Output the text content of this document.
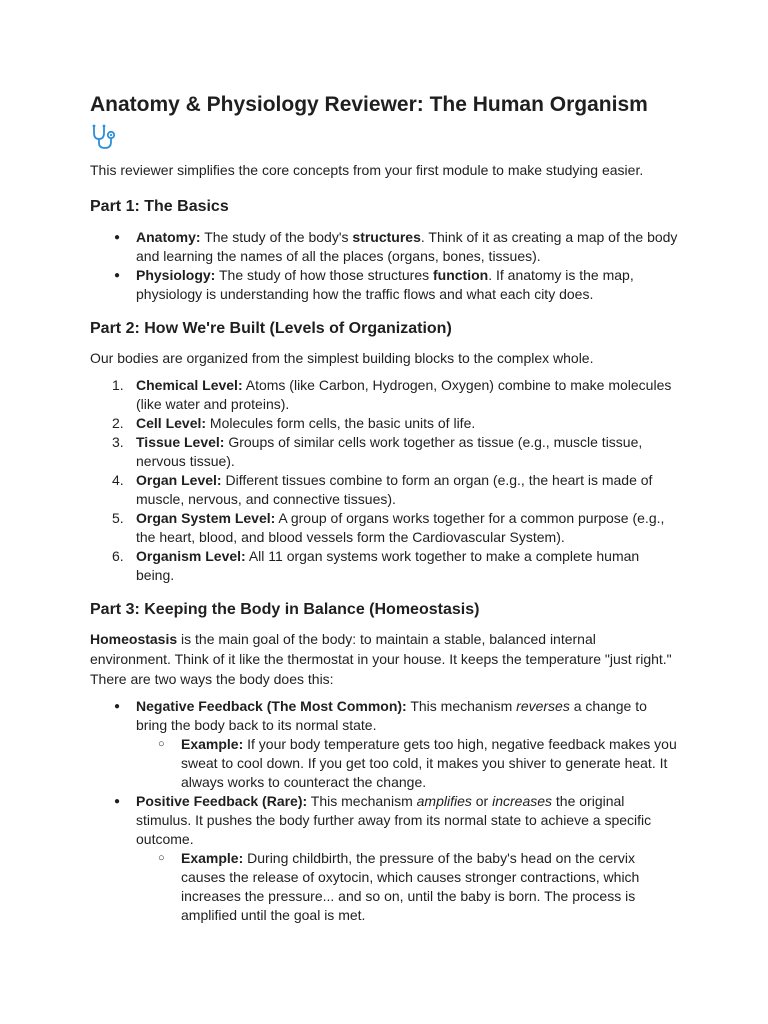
Anatomy & Physiology Reviewer: The Human Organism

This reviewer simplifies the core concepts from your first module to make studying easier.

Part 1: The Basics
● Anatomy: The study of the body's structures. Think of it as creating a map of the body and learning the names of all the places (organs, bones, tissues).
● Physiology: The study of how those structures function. If anatomy is the map, physiology is understanding how the traffic flows and what each city does.
Part 2: How We're Built (Levels of Organization)

Our bodies are organized from the simplest building blocks to the complex whole.

1. Chemical Level: Atoms (like Carbon, Hydrogen, Oxygen) combine to make molecules (like water and proteins).
2. Cell Level: Molecules form cells, the basic units of life.
3. Tissue Level: Groups of similar cells work together as tissue (e.g., muscle tissue, nervous tissue).
4. Organ Level: Different tissues combine to form an organ (e.g., the heart is made of muscle, nervous, and connective tissues).
5. Organ System Level: A group of organs works together for a common purpose (e.g., the heart, blood, and blood vessels form the Cardiovascular System).
6. Organism Level: All 11 organ systems work together to make a complete human being.
Part 3: Keeping the Body in Balance (Homeostasis)

Homeostasis is the main goal of the body: to maintain a stable, balanced internal environment. Think of it like the thermostat in your house. It keeps the temperature "just right."

There are two ways the body does this:

● Negative Feedback (The Most Common): This mechanism reverses a change to bring the body back to its normal state.
○ Example: If your body temperature gets too high, negative feedback makes you sweat to cool down. If you get too cold, it makes you shiver to generate heat. It always works to counteract the change.
● Positive Feedback (Rare): This mechanism amplifies or increases the original stimulus. It pushes the body further away from its normal state to achieve a specific outcome.
○ Example: During childbirth, the pressure of the baby's head on the cervix causes the release of oxytocin, which causes stronger contractions, which increases the pressure... and so on, until the baby is born. The process is amplified until the goal is met.
